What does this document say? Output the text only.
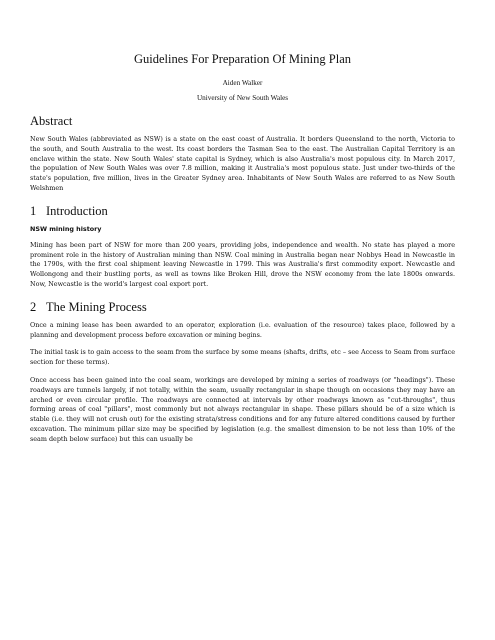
Guidelines For Preparation Of Mining Plan
Aiden Walker
University of New South Wales
Abstract

New South Wales (abbreviated as NSW) is a state on the east coast of Australia. It borders Queensland to the north, Victoria to the south, and South Australia to the west. Its coast borders the Tasman Sea to the east. The Australian Capital Territory is an enclave within the state. New South Wales' state capital is Sydney, which is also Australia's most populous city. In March 2017, the population of New South Wales was over 7.8 million, making it Australia's most populous state. Just under two-thirds of the state's population, five million, lives in the Greater Sydney area. Inhabitants of New South Wales are referred to as New South Welshmen

1 Introduction
NSW mining history

Mining has been part of NSW for more than 200 years, providing jobs, independence and wealth. No state has played a more prominent role in the history of Australian mining than NSW. Coal mining in Australia began near Nobbys Head in Newcastle in the 1790s, with the first coal shipment leaving Newcastle in 1799. This was Australia's first commodity export. Newcastle and Wollongong and their bustling ports, as well as towns like Broken Hill, drove the NSW economy from the late 1800s onwards. Now, Newcastle is the world's largest coal export port.

2 The Mining Process

Once a mining lease has been awarded to an operator, exploration (i.e. evaluation of the resource) takes place, followed by a planning and development process before excavation or mining begins.

The initial task is to gain access to the seam from the surface by some means (shafts, drifts, etc – see Access to Seam from surface section for these terms).

Once access has been gained into the coal seam, workings are developed by mining a series of roadways (or "headings"). These roadways are tunnels largely, if not totally, within the seam, usually rectangular in shape though on occasions they may have an arched or even circular profile. The roadways are connected at intervals by other roadways known as "cut-throughs", thus forming areas of coal "pillars", most commonly but not always rectangular in shape. These pillars should be of a size which is stable (i.e. they will not crush out) for the existing strata/stress conditions and for any future altered conditions caused by further excavation. The minimum pillar size may be specified by legislation (e.g. the smallest dimension to be not less than 10% of the seam depth below surface) but this can usually be
